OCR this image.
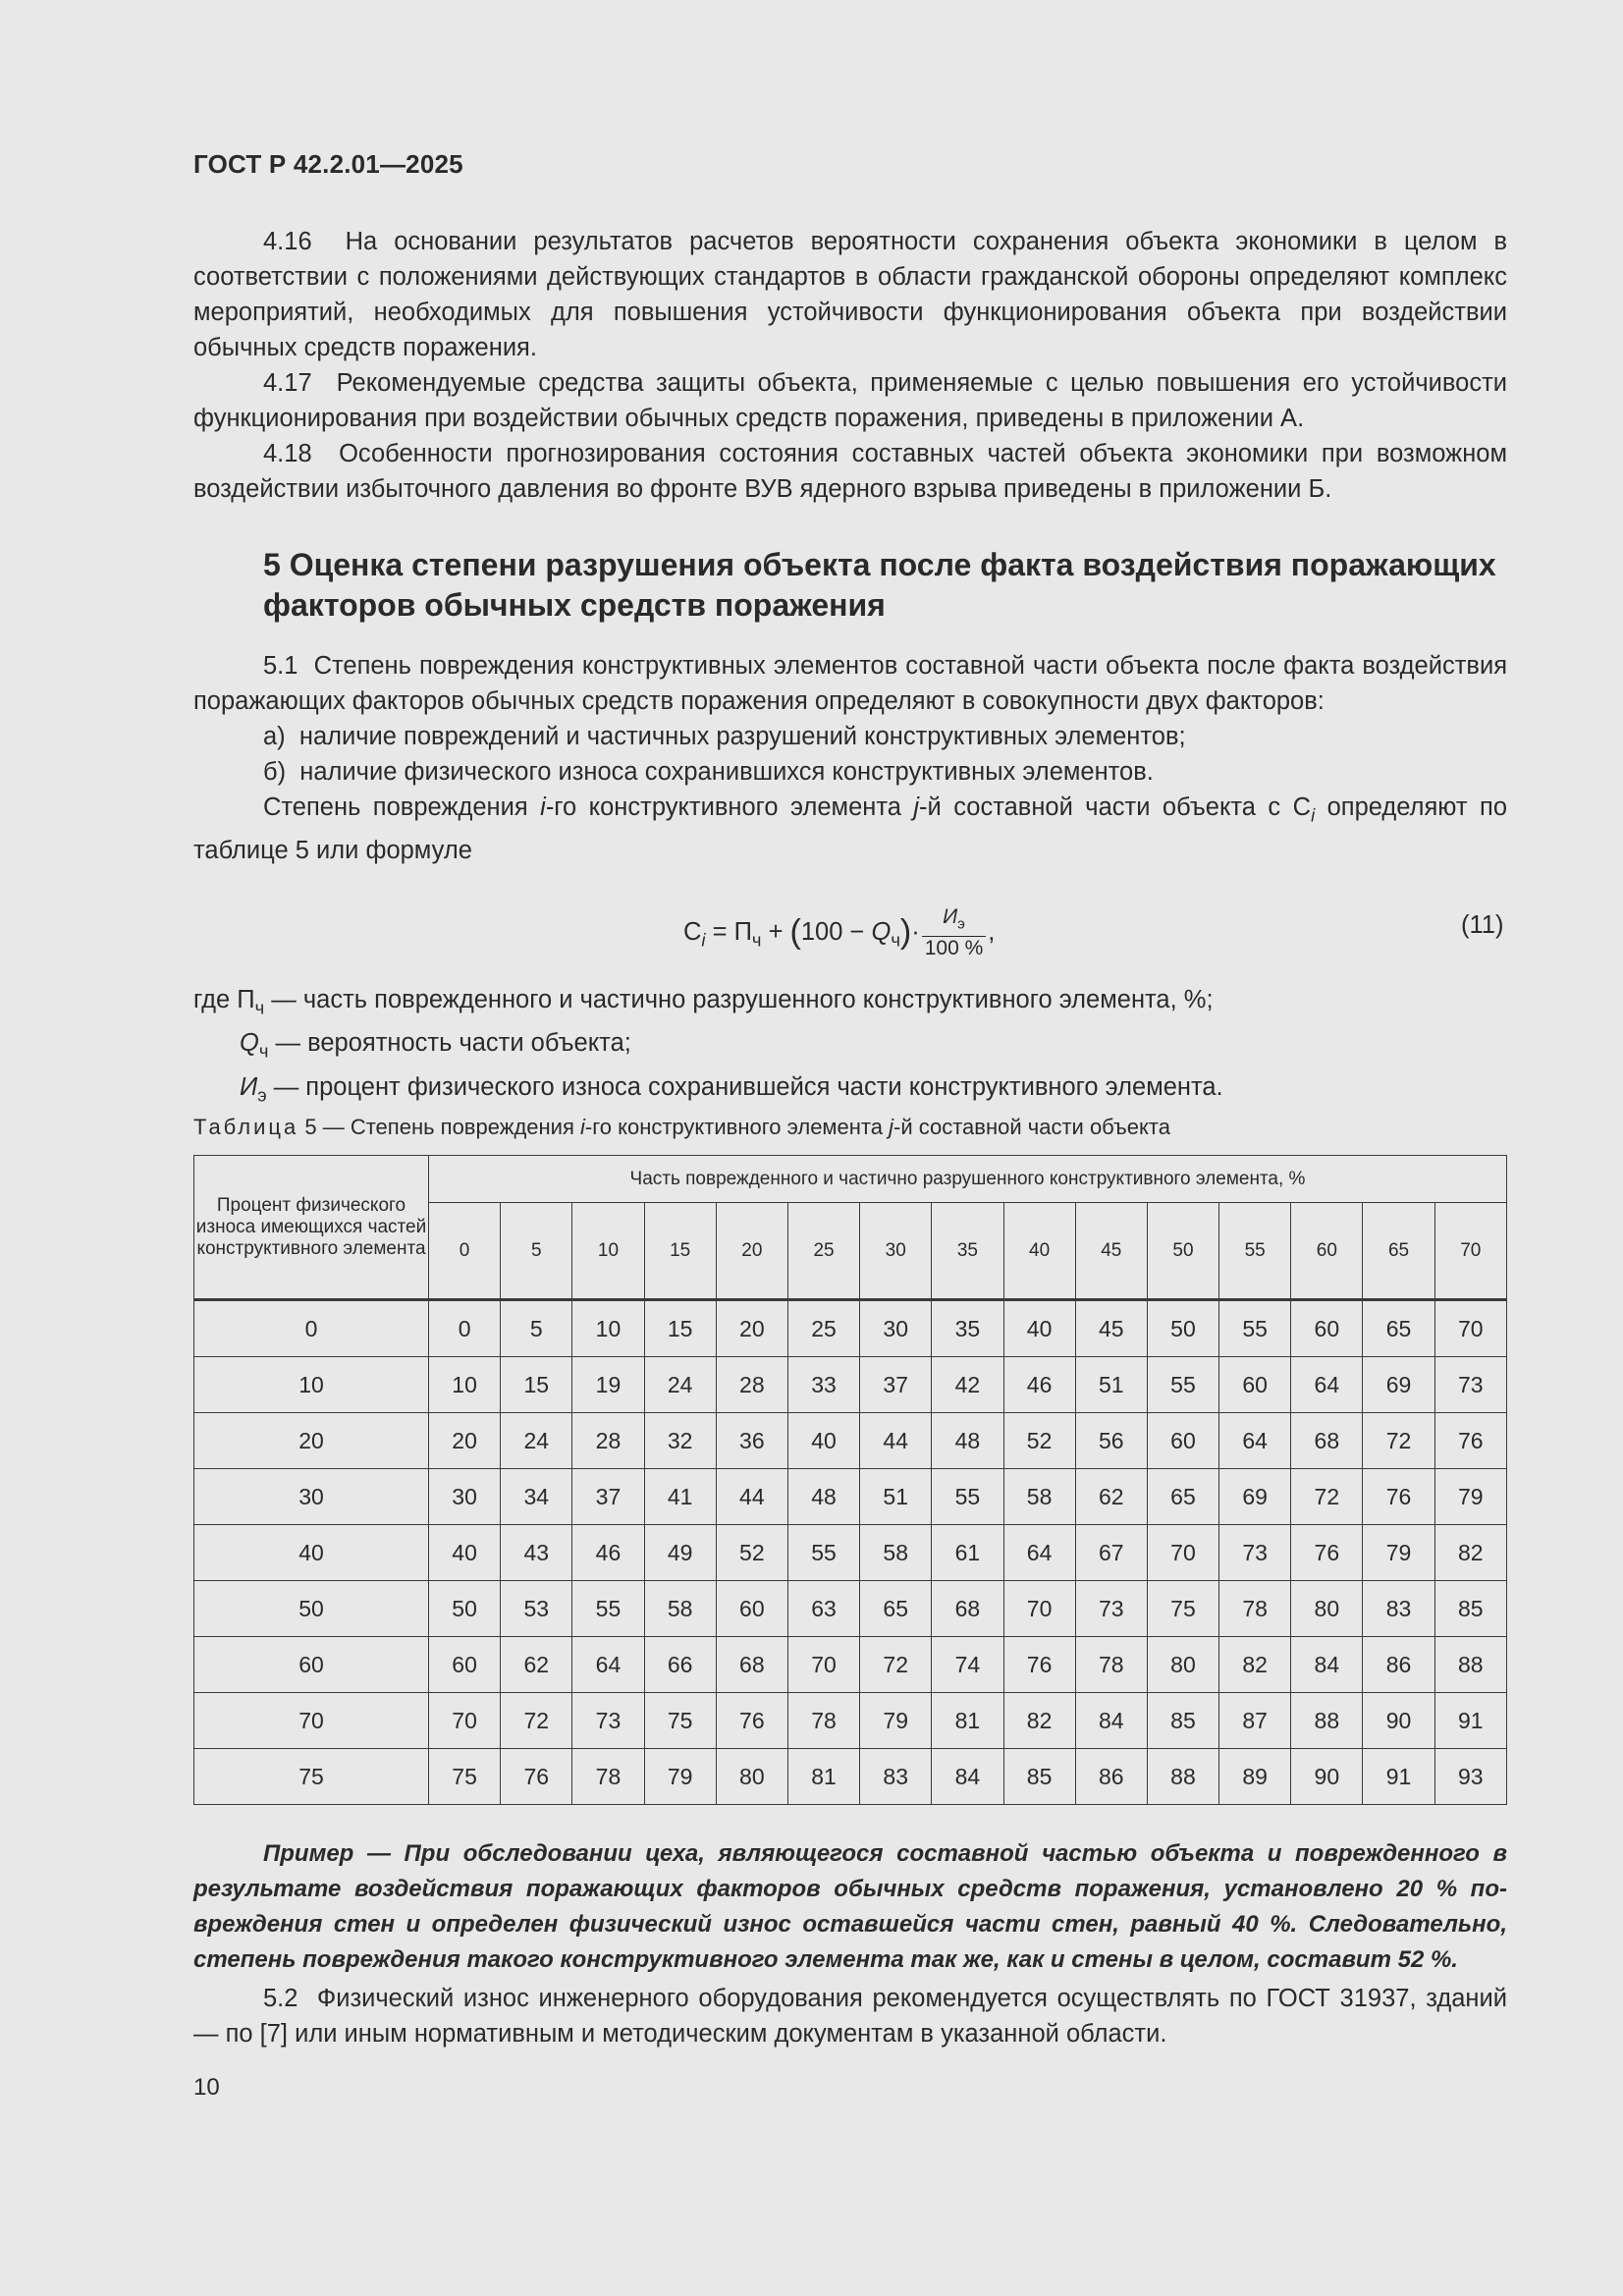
ГОСТ Р 42.2.01—2025

4.16 На основании результатов расчетов вероятности сохранения объекта экономики в целом в соответствии с положениями действующих стандартов в области гражданской обороны определяют комплекс мероприятий, необходимых для повышения устойчивости функционирования объекта при воздействии обычных средств поражения.

4.17 Рекомендуемые средства защиты объекта, применяемые с целью повышения его устойчивости функционирования при воздействии обычных средств поражения, приведены в приложении А.

4.18 Особенности прогнозирования состояния составных частей объекта экономики при возможном воздействии избыточного давления во фронте ВУВ ядерного взрыва приведены в приложении Б.

5 Оценка степени разрушения объекта после факта воздействия поражающих факторов обычных средств поражения

5.1 Степень повреждения конструктивных элементов составной части объекта после факта воздействия поражающих факторов обычных средств поражения определяют в совокупности двух факторов:

а) наличие повреждений и частичных разрушений конструктивных элементов;

б) наличие физического износа сохранившихся конструктивных элементов.

Степень повреждения i-го конструктивного элемента j-й составной части объекта с $C_i$ определяют по таблице 5 или формуле

$C_i = П_ч + (100 - Q_ч)\cdot \frac{И_э}{100 \%}$ ,	(11)

где $П_ч$ — часть поврежденного и частично разрушенного конструктивного элемента, %;

$Q_ч$ — вероятность части объекта;

$И_э$ — процент физического износа сохранившейся части конструктивного элемента.

Таблица 5 — Степень повреждения i-го конструктивного элемента j-й составной части объекта
Процент физического износа имеющихся частей конструктивного элемента	Часть поврежденного и частично разрушенного конструктивного элемента, %														
	0	5	10	15	20	25	30	35	40	45	50	55	60	65	70
0	0	5	10	15	20	25	30	35	40	45	50	55	60	65	70
10	10	15	19	24	28	33	37	42	46	51	55	60	64	69	73
20	20	24	28	32	36	40	44	48	52	56	60	64	68	72	76
30	30	34	37	41	44	48	51	55	58	62	65	69	72	76	79
40	40	43	46	49	52	55	58	61	64	67	70	73	76	79	82
50	50	53	55	58	60	63	65	68	70	73	75	78	80	83	85
60	60	62	64	66	68	70	72	74	76	78	80	82	84	86	88
70	70	72	73	75	76	78	79	81	82	84	85	87	88	90	91
75	75	76	78	79	80	81	83	84	85	86	88	89	90	91	93

Пример — При обследовании цеха, являющегося составной частью объекта и поврежденного в результате воздействия поражающих факторов обычных средств поражения, установлено 20 % повреждения стен и определен физический износ оставшейся части стен, равный 40 %. Следовательно, степень повреждения такого конструктивного элемента так же, как и стены в целом, составит 52 %.

5.2 Физический износ инженерного оборудования рекомендуется осуществлять по ГОСТ 31937, зданий — по [7] или иным нормативным и методическим документам в указанной области.

10
